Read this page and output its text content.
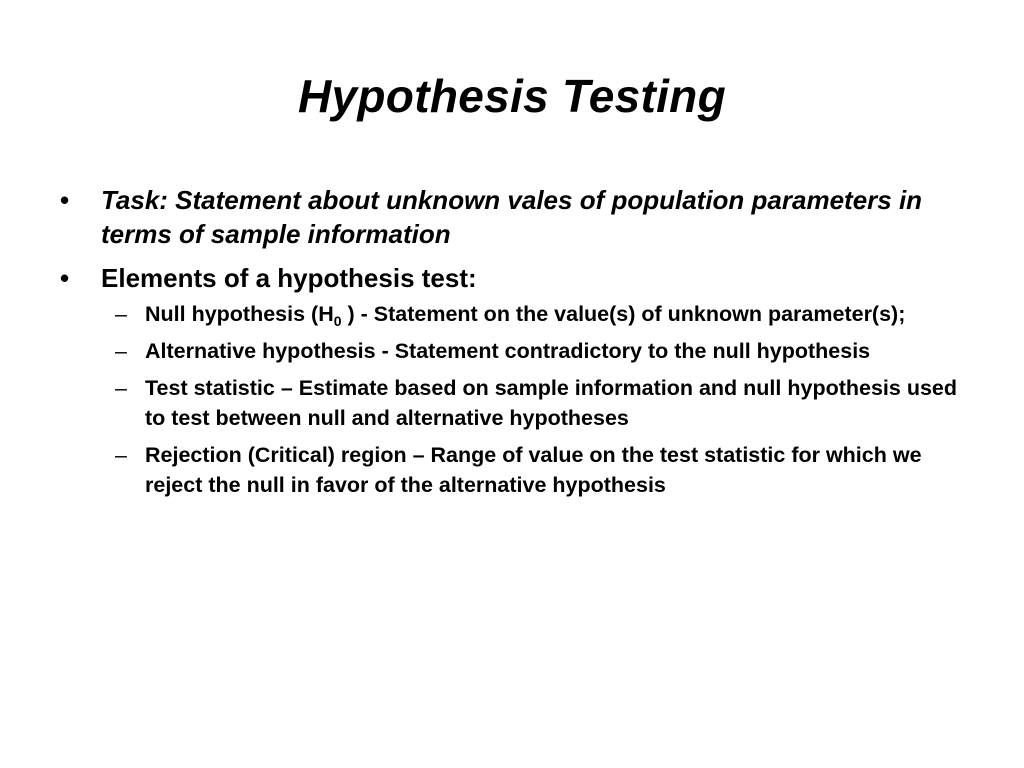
Hypothesis Testing
•	Task: Statement about unknown vales of population parameters in terms of sample information
•	Elements of a hypothesis test:
– Null hypothesis ($H_0$ ) - Statement on the value(s) of unknown parameter(s);
– Alternative hypothesis - Statement contradictory to the null hypothesis
– Test statistic – Estimate based on sample information and null hypothesis used to test between null and alternative hypotheses
– Rejection (Critical) region – Range of value on the test statistic for which we reject the null in favor of the alternative hypothesis
